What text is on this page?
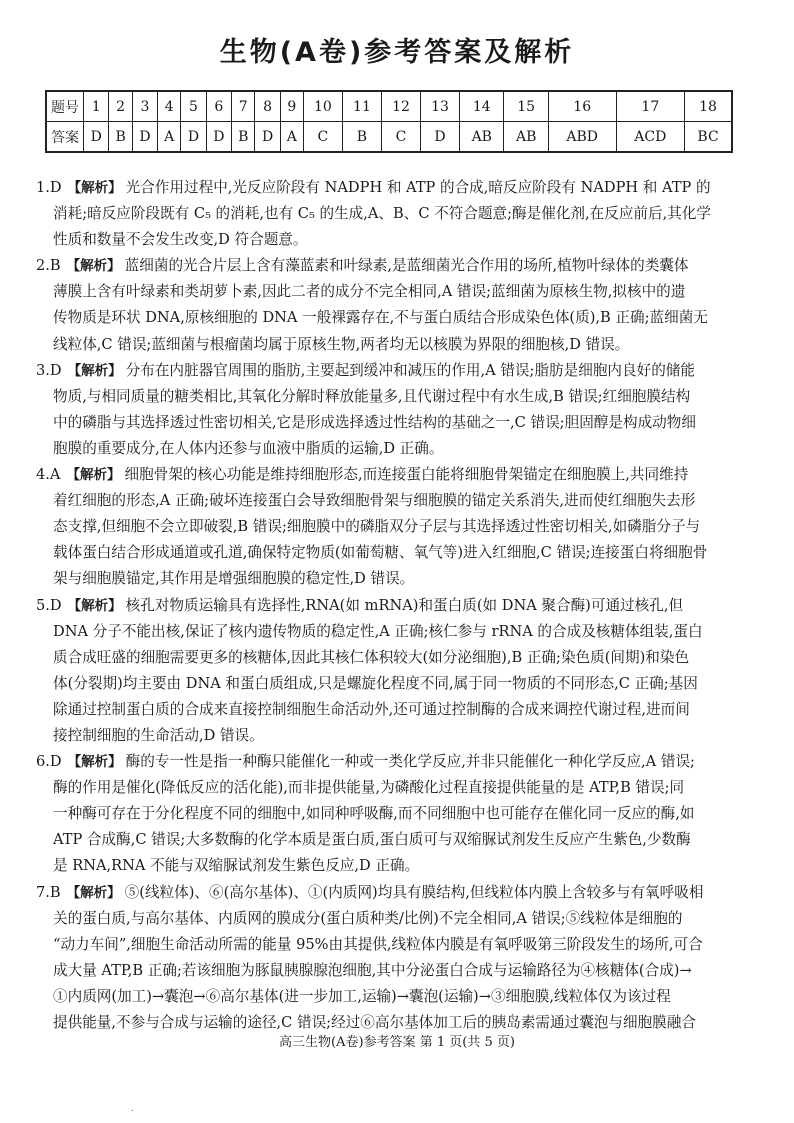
生物(A卷)参考答案及解析
题号	1	2	3	4	5	6	7	8	9	10	11	12	13	14	15	16	17	18
答案	D	B	D	A	D	D	B	D	A	C	B	C	D	AB	AB	ABD	ACD	BC

1.D 【解析】 光合作用过程中,光反应阶段有 NADPH 和 ATP 的合成,暗反应阶段有 NADPH 和 ATP 的

消耗;暗反应阶段既有 C₅ 的消耗,也有 C₅ 的生成,A、B、C 不符合题意;酶是催化剂,在反应前后,其化学

性质和数量不会发生改变,D 符合题意。

2.B 【解析】 蓝细菌的光合片层上含有藻蓝素和叶绿素,是蓝细菌光合作用的场所,植物叶绿体的类囊体

薄膜上含有叶绿素和类胡萝卜素,因此二者的成分不完全相同,A 错误;蓝细菌为原核生物,拟核中的遗

传物质是环状 DNA,原核细胞的 DNA 一般裸露存在,不与蛋白质结合形成染色体(质),B 正确;蓝细菌无

线粒体,C 错误;蓝细菌与根瘤菌均属于原核生物,两者均无以核膜为界限的细胞核,D 错误。

3.D 【解析】 分布在内脏器官周围的脂肪,主要起到缓冲和减压的作用,A 错误;脂肪是细胞内良好的储能

物质,与相同质量的糖类相比,其氧化分解时释放能量多,且代谢过程中有水生成,B 错误;红细胞膜结构

中的磷脂与其选择透过性密切相关,它是形成选择透过性结构的基础之一,C 错误;胆固醇是构成动物细

胞膜的重要成分,在人体内还参与血液中脂质的运输,D 正确。

4.A 【解析】 细胞骨架的核心功能是维持细胞形态,而连接蛋白能将细胞骨架锚定在细胞膜上,共同维持

着红细胞的形态,A 正确;破坏连接蛋白会导致细胞骨架与细胞膜的锚定关系消失,进而使红细胞失去形

态支撑,但细胞不会立即破裂,B 错误;细胞膜中的磷脂双分子层与其选择透过性密切相关,如磷脂分子与

载体蛋白结合形成通道或孔道,确保特定物质(如葡萄糖、氧气等)进入红细胞,C 错误;连接蛋白将细胞骨

架与细胞膜锚定,其作用是增强细胞膜的稳定性,D 错误。

5.D 【解析】 核孔对物质运输具有选择性,RNA(如 mRNA)和蛋白质(如 DNA 聚合酶)可通过核孔,但

DNA 分子不能出核,保证了核内遗传物质的稳定性,A 正确;核仁参与 rRNA 的合成及核糖体组装,蛋白

质合成旺盛的细胞需要更多的核糖体,因此其核仁体积较大(如分泌细胞),B 正确;染色质(间期)和染色

体(分裂期)均主要由 DNA 和蛋白质组成,只是螺旋化程度不同,属于同一物质的不同形态,C 正确;基因

除通过控制蛋白质的合成来直接控制细胞生命活动外,还可通过控制酶的合成来调控代谢过程,进而间

接控制细胞的生命活动,D 错误。

6.D 【解析】 酶的专一性是指一种酶只能催化一种或一类化学反应,并非只能催化一种化学反应,A 错误;

酶的作用是催化(降低反应的活化能),而非提供能量,为磷酸化过程直接提供能量的是 ATP,B 错误;同

一种酶可存在于分化程度不同的细胞中,如同种呼吸酶,而不同细胞中也可能存在催化同一反应的酶,如

ATP 合成酶,C 错误;大多数酶的化学本质是蛋白质,蛋白质可与双缩脲试剂发生反应产生紫色,少数酶

是 RNA,RNA 不能与双缩脲试剂发生紫色反应,D 正确。

7.B 【解析】 ⑤(线粒体)、⑥(高尔基体)、①(内质网)均具有膜结构,但线粒体内膜上含较多与有氧呼吸相

关的蛋白质,与高尔基体、内质网的膜成分(蛋白质种类/比例)不完全相同,A 错误;⑤线粒体是细胞的

“动力车间”,细胞生命活动所需的能量 95%由其提供,线粒体内膜是有氧呼吸第三阶段发生的场所,可合

成大量 ATP,B 正确;若该细胞为豚鼠胰腺腺泡细胞,其中分泌蛋白合成与运输路径为④核糖体(合成)→

①内质网(加工)→囊泡→⑥高尔基体(进一步加工,运输)→囊泡(运输)→③细胞膜,线粒体仅为该过程

提供能量,不参与合成与运输的途径,C 错误;经过⑥高尔基体加工后的胰岛素需通过囊泡与细胞膜融合

高三生物(A卷)参考答案 第 1 页(共 5 页)
.
